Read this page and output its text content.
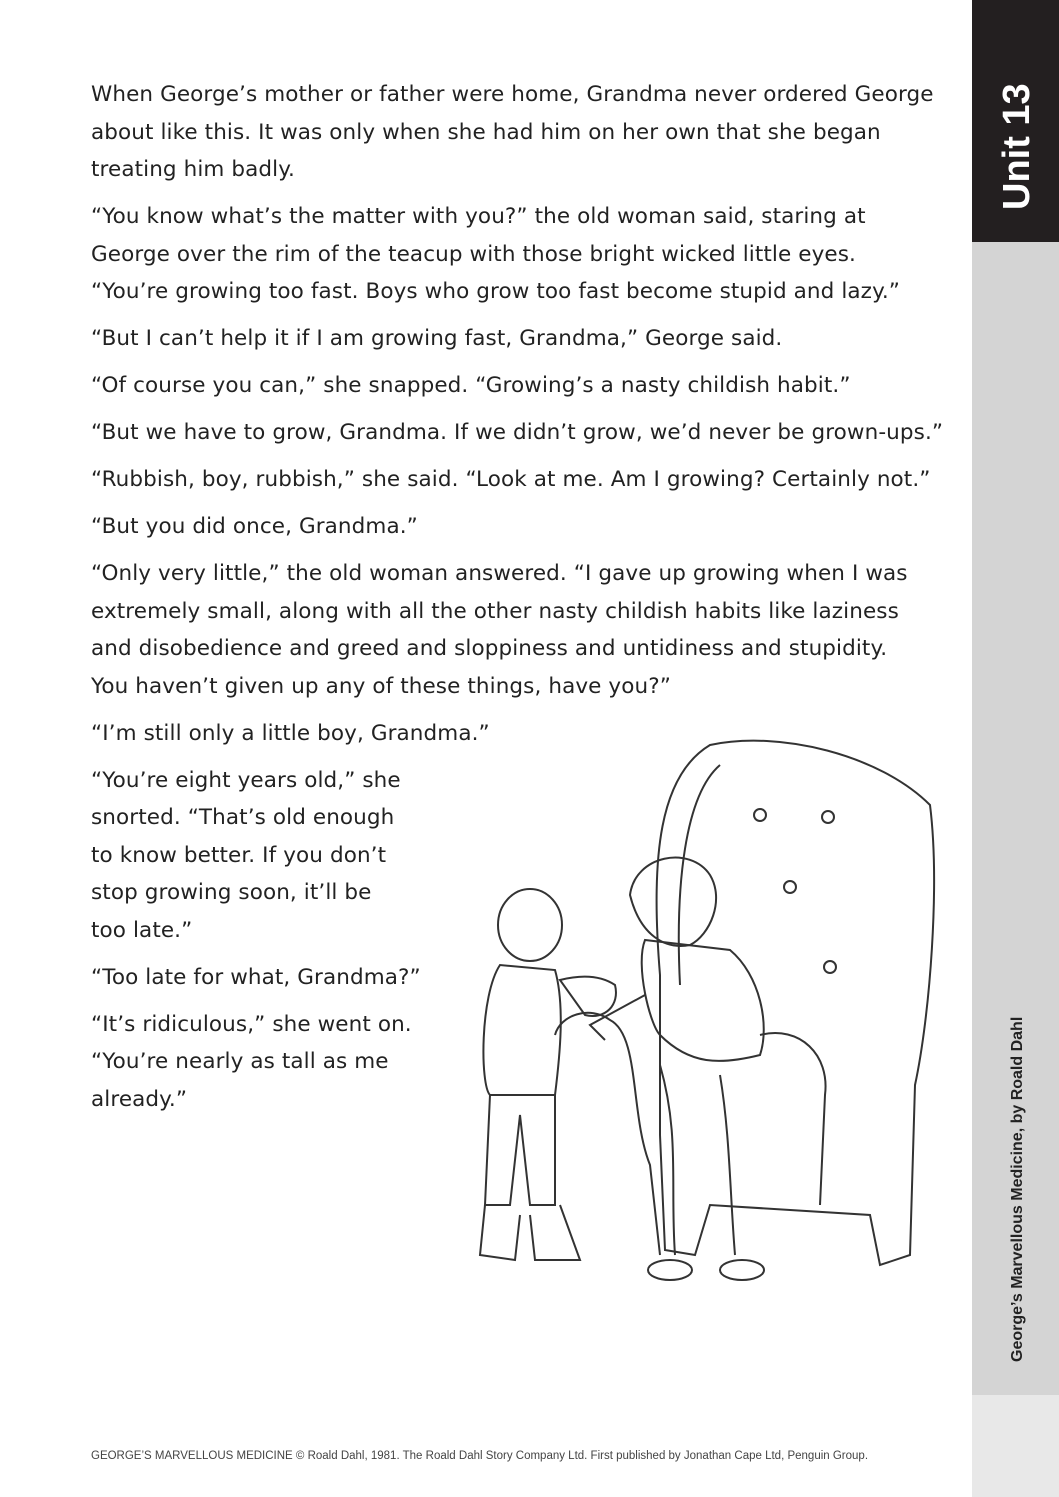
Unit 13
George’s Marvellous Medicine, by Roald Dahl
When George’s mother or father were home, Grandma never ordered George
about like this. It was only when she had him on her own that she began
treating him badly.
“You know what’s the matter with you?” the old woman said, staring at
George over the rim of the teacup with those bright wicked little eyes.
“You’re growing too fast. Boys who grow too fast become stupid and lazy.”
“But I can’t help it if I am growing fast, Grandma,” George said.
“Of course you can,” she snapped. “Growing’s a nasty childish habit.”
“But we have to grow, Grandma. If we didn’t grow, we’d never be grown-ups.”
“Rubbish, boy, rubbish,” she said. “Look at me. Am I growing? Certainly not.”
“But you did once, Grandma.”
“Only very little,” the old woman answered. “I gave up growing when I was
extremely small, along with all the other nasty childish habits like laziness
and disobedience and greed and sloppiness and untidiness and stupidity.
You haven’t given up any of these things, have you?”
“I’m still only a little boy, Grandma.”
“You’re eight years old,” she
snorted. “That’s old enough
to know better. If you don’t
stop growing soon, it’ll be
too late.”
“Too late for what, Grandma?”
“It’s ridiculous,” she went on.
“You’re nearly as tall as me
already.”
GEORGE’S MARVELLOUS MEDICINE © Roald Dahl, 1981. The Roald Dahl Story Company Ltd. First published by Jonathan Cape Ltd, Penguin Group.
